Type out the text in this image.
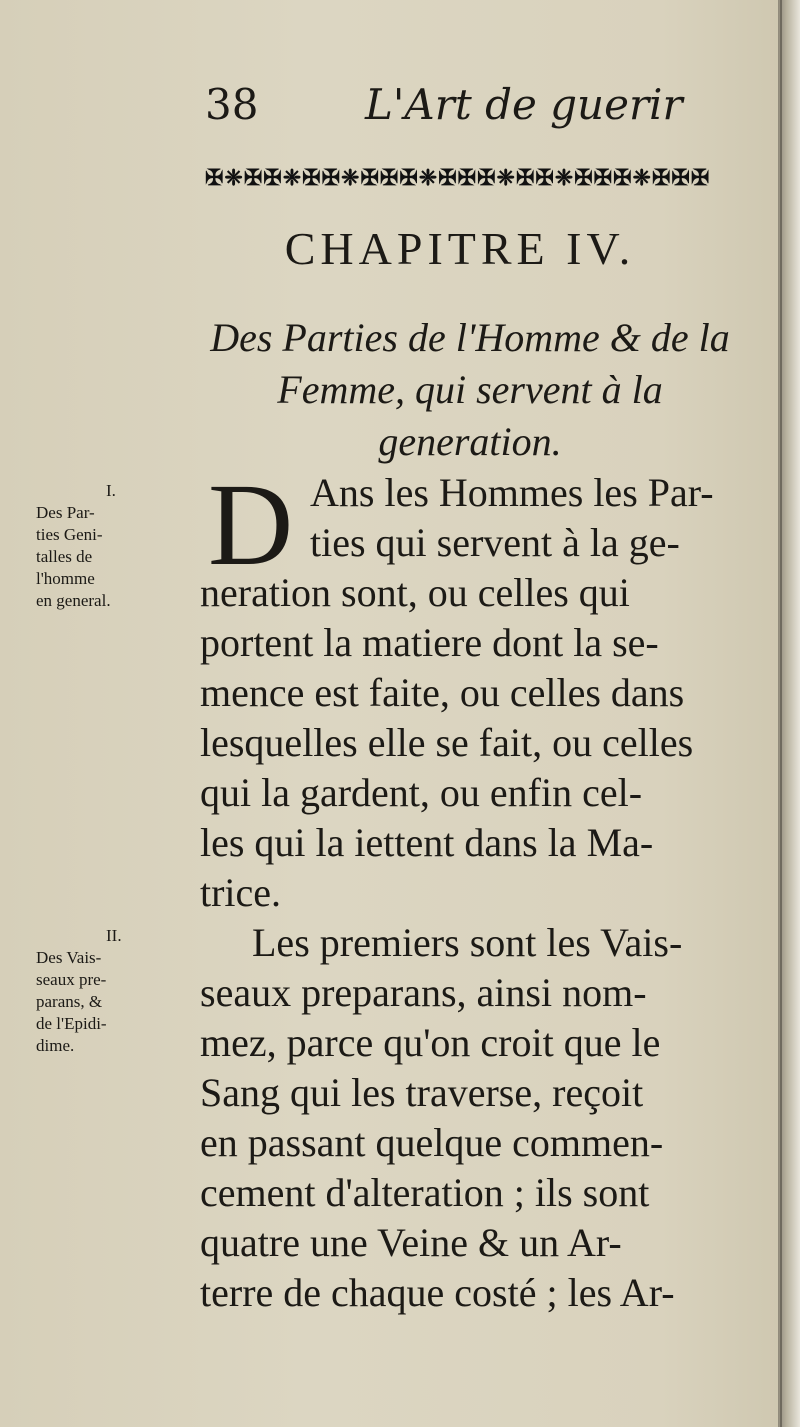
38	L'Art de guerir
✠❈✠✠❈✠✠❈✠✠✠❈✠✠✠❈✠✠❈✠✠✠❈✠✠✠
CHAPITRE IV.
Des Parties de l'Homme & de la
Femme, qui servent à la
generation.
I.
Des Par-
ties Geni-
talles de
l'homme
en general.
II.
Des Vais-
seaux pre-
parans, &
de l'Epidi-
dime.
D Ans les Hommes les Par-
ties qui servent à la ge-
neration sont, ou celles qui
portent la matiere dont la se-
mence est faite, ou celles dans
lesquelles elle se fait, ou celles
qui la gardent, ou enfin cel-
les qui la iettent dans la Ma-
trice.
Les premiers sont les Vais-
seaux preparans, ainsi nom-
mez, parce qu'on croit que le
Sang qui les traverse, reçoit
en passant quelque commen-
cement d'alteration ; ils sont
quatre une Veine & un Ar-
terre de chaque costé ; les Ar-
